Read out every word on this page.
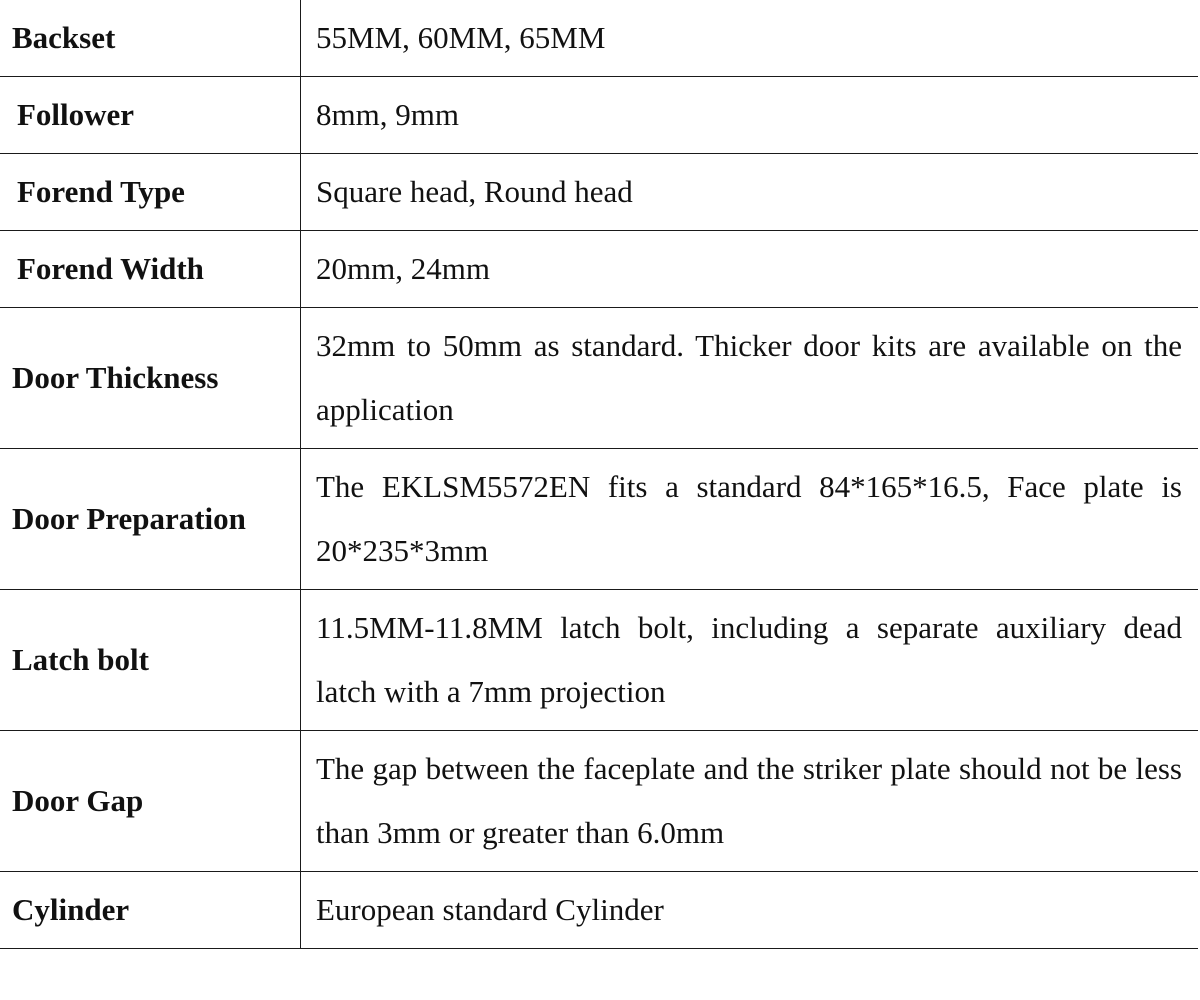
Backset	55MM, 60MM, 65MM
Follower	8mm, 9mm
Forend Type	Square head, Round head
Forend Width	20mm, 24mm
Door Thickness	32mm to 50mm as standard. Thicker door kits are available on the application
Door Preparation	The EKLSM5572EN fits a standard 84*165*16.5, Face plate is 20*235*3mm
Latch bolt	11.5MM-11.8MM latch bolt, including a separate auxiliary dead latch with a 7mm projection
Door Gap	The gap between the faceplate and the striker plate should not be less than 3mm or greater than 6.0mm
Cylinder	European standard Cylinder
